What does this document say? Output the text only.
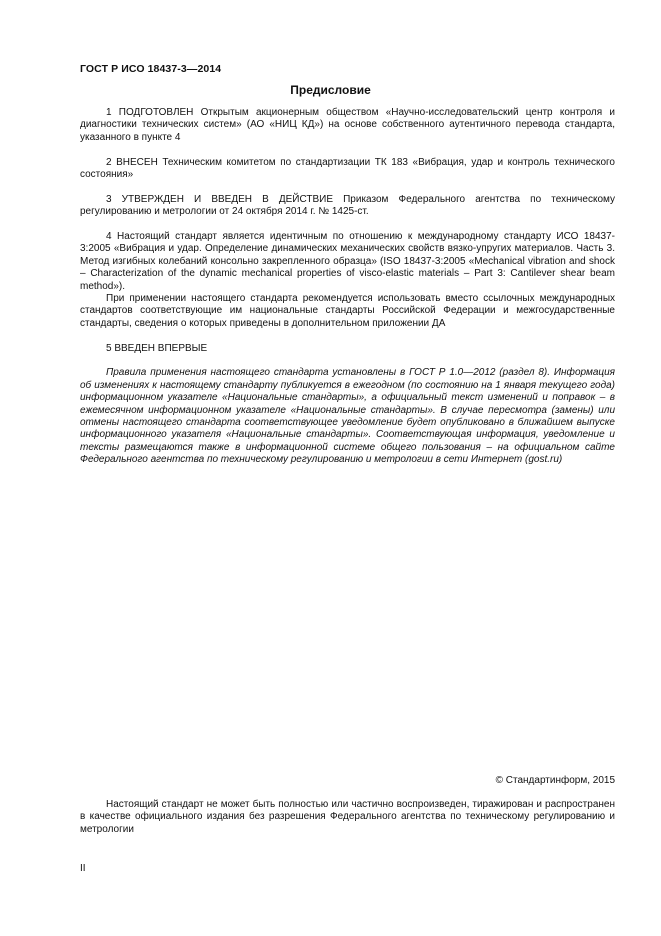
ГОСТ Р ИСО 18437-3—2014
Предисловие

1 ПОДГОТОВЛЕН Открытым акционерным обществом «Научно-исследовательский центр контроля и диагностики технических систем» (АО «НИЦ КД») на основе собственного аутентичного перевода стандарта, указанного в пункте 4

2 ВНЕСЕН Техническим комитетом по стандартизации ТК 183 «Вибрация, удар и контроль технического состояния»

3 УТВЕРЖДЕН И ВВЕДЕН В ДЕЙСТВИЕ Приказом Федерального агентства по техническому регулированию и метрологии от 24 октября 2014 г. № 1425-ст.

4 Настоящий стандарт является идентичным по отношению к международному стандарту ИСО 18437-3:2005 «Вибрация и удар. Определение динамических механических свойств вязко-упругих материалов. Часть 3. Метод изгибных колебаний консольно закрепленного образца» (ISO 18437-3:2005 «Mechanical vibration and shock – Characterization of the dynamic mechanical properties of visco-elastic materials – Part 3: Cantilever shear beam method»).

При применении настоящего стандарта рекомендуется использовать вместо ссылочных международных стандартов соответствующие им национальные стандарты Российской Федерации и межгосударственные стандарты, сведения о которых приведены в дополнительном приложении ДА

5 ВВЕДЕН ВПЕРВЫЕ

Правила применения настоящего стандарта установлены в ГОСТ Р 1.0—2012 (раздел 8). Информация об изменениях к настоящему стандарту публикуется в ежегодном (по состоянию на 1 января текущего года) информационном указателе «Национальные стандарты», а официальный текст изменений и поправок – в ежемесячном информационном указателе «Национальные стандарты». В случае пересмотра (замены) или отмены настоящего стандарта соответствующее уведомление будет опубликовано в ближайшем выпуске информационного указателя «Национальные стандарты». Соответствующая информация, уведомление и тексты размещаются также в информационной системе общего пользования – на официальном сайте Федерального агентства по техническому регулированию и метрологии в сети Интернет (gost.ru)

© Стандартинформ, 2015

Настоящий стандарт не может быть полностью или частично воспроизведен, тиражирован и распространен в качестве официального издания без разрешения Федерального агентства по техническому регулированию и метрологии

II
